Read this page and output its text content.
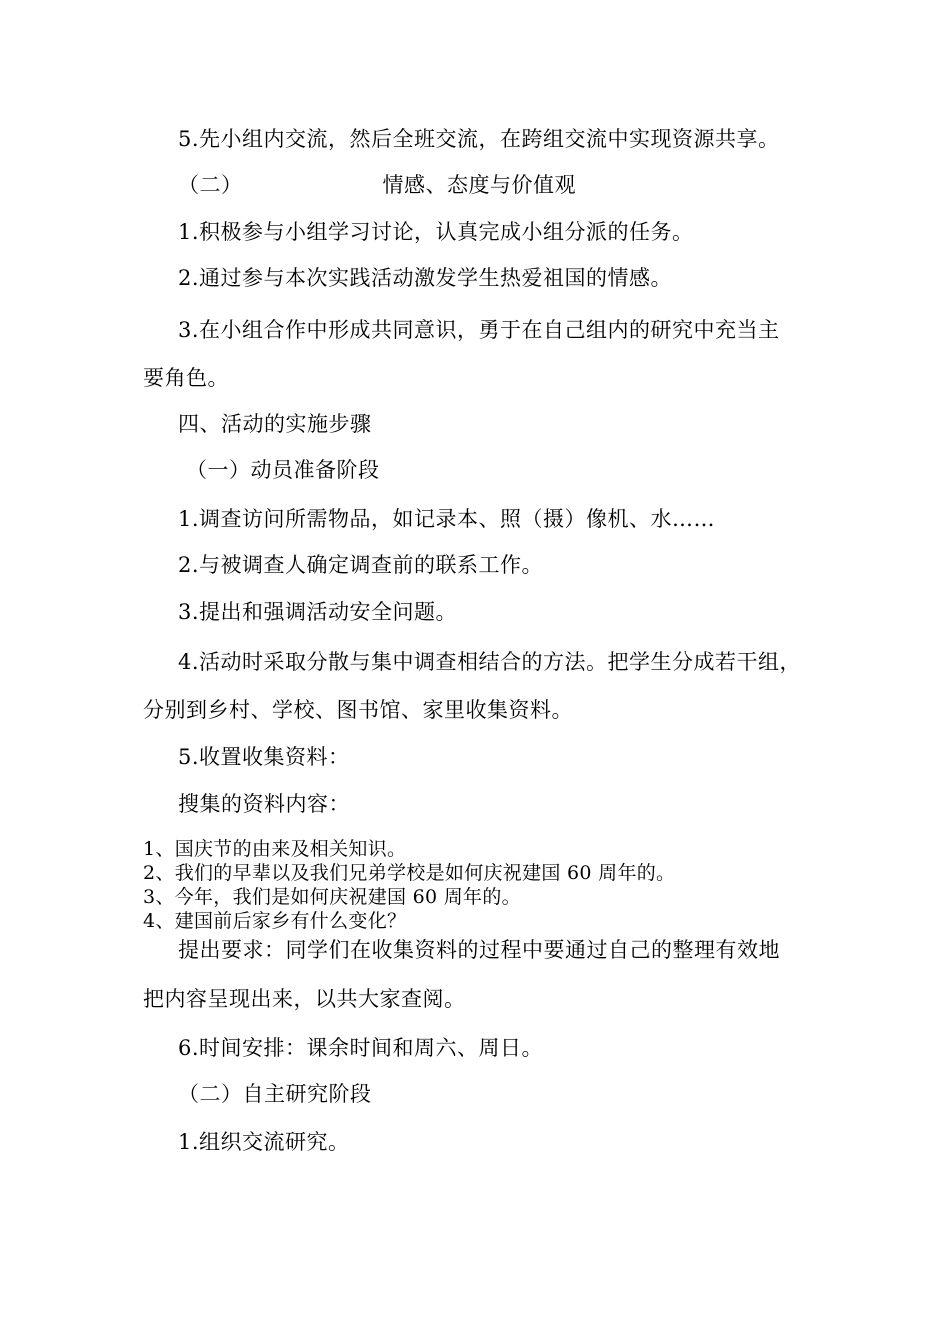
5.先小组内交流，然后全班交流，在跨组交流中实现资源共享。
（二）	情感、态度与价值观
1.积极参与小组学习讨论，认真完成小组分派的任务。
2.通过参与本次实践活动激发学生热爱祖国的情感。
3.在小组合作中形成共同意识，勇于在自己组内的研究中充当主
要角色。
四、活动的实施步骤
（一）动员准备阶段
1.调查访问所需物品，如记录本、照（摄）像机、水……
2.与被调查人确定调查前的联系工作。
3.提出和强调活动安全问题。
4.活动时采取分散与集中调查相结合的方法。把学生分成若干组，
分别到乡村、学校、图书馆、家里收集资料。
5.收置收集资料：
搜集的资料内容：
1、国庆节的由来及相关知识。
2、我们的早辈以及我们兄弟学校是如何庆祝建国 60 周年的。
3、今年，我们是如何庆祝建国 60 周年的。
4、建国前后家乡有什么变化？
提出要求：同学们在收集资料的过程中要通过自己的整理有效地
把内容呈现出来，以共大家查阅。
6.时间安排：课余时间和周六、周日。
（二）自主研究阶段
1.组织交流研究。
